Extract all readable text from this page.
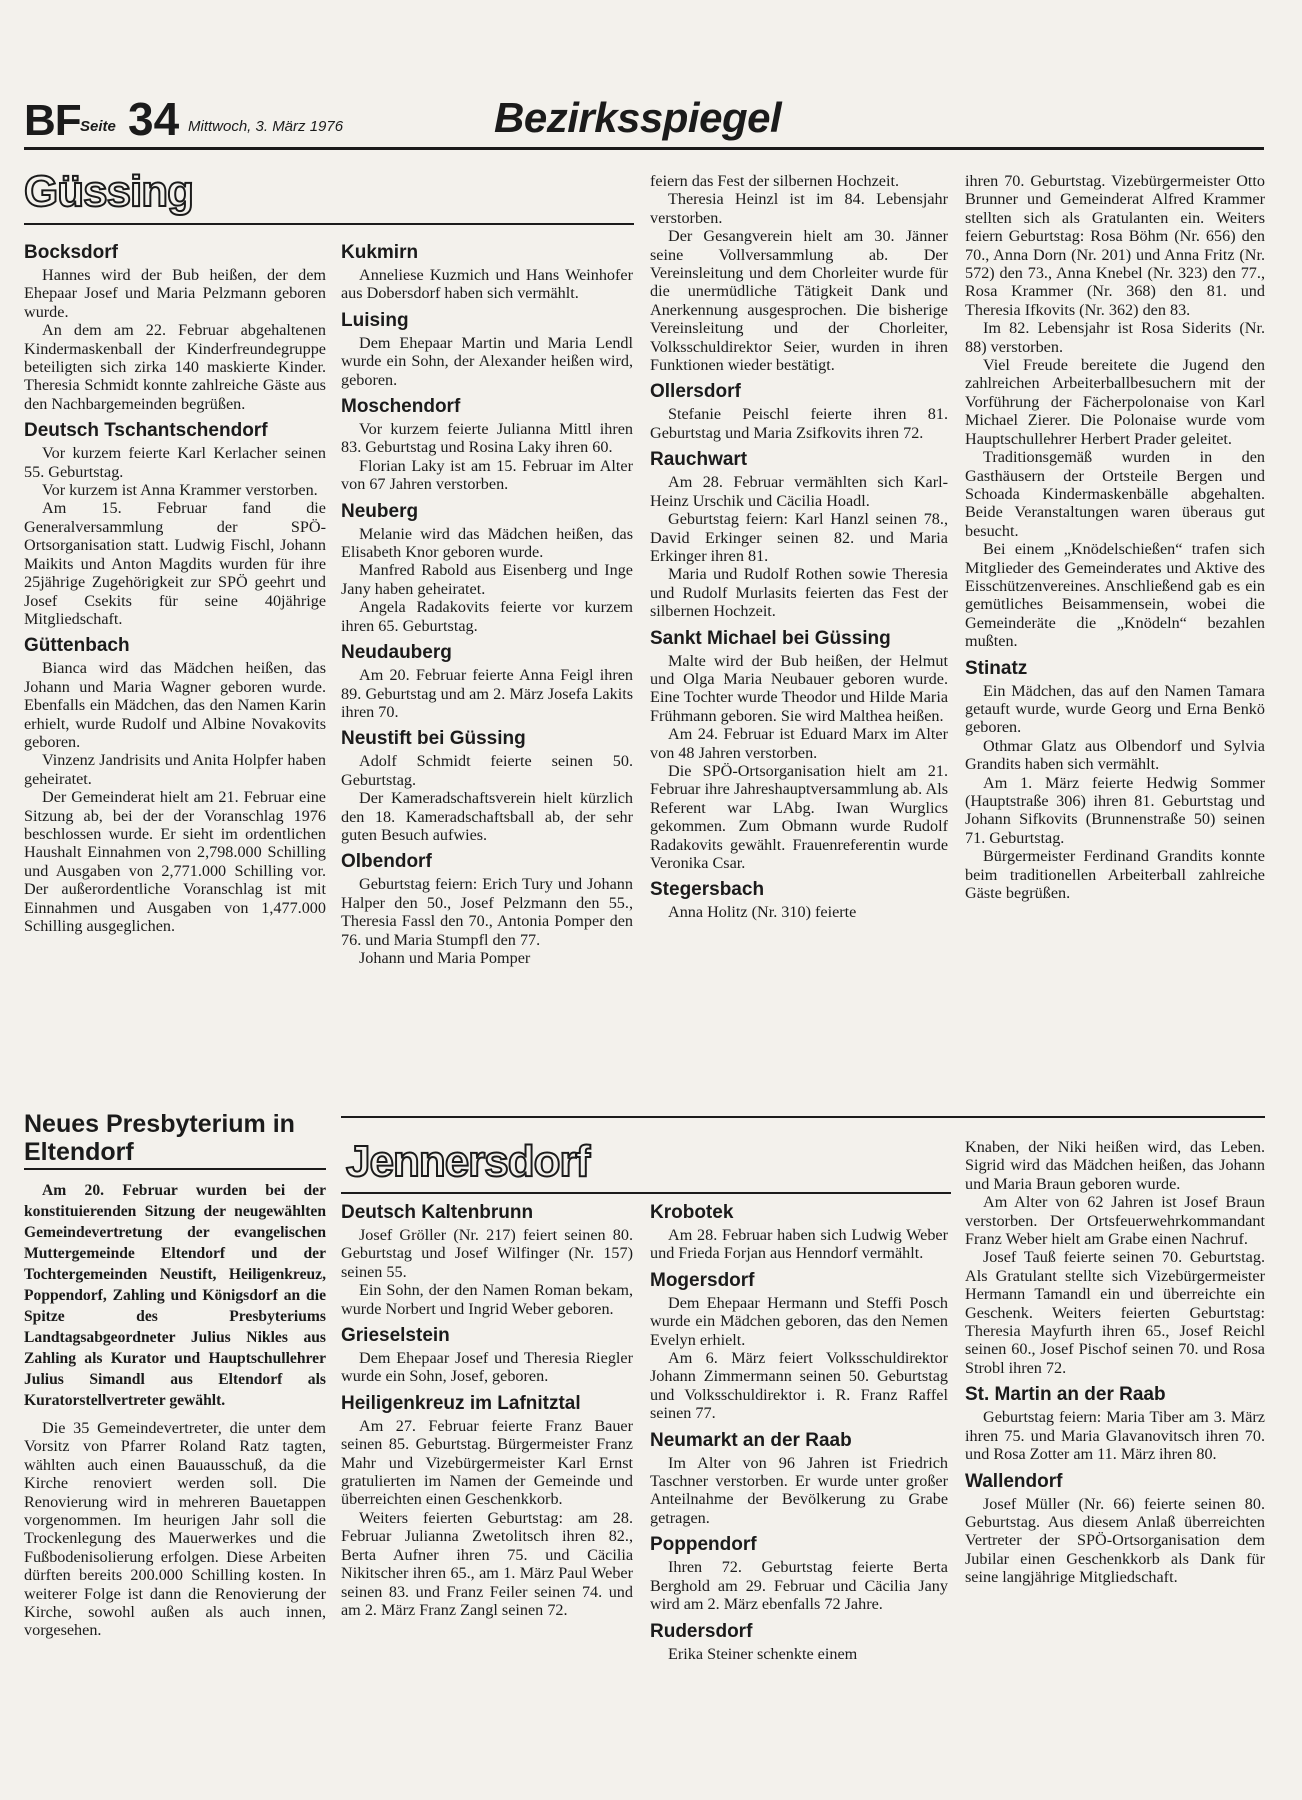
BF Seite 34 Mittwoch, 3. März 1976	Bezirksspiegel
Güssing
Bocksdorf

Hannes wird der Bub heißen, der dem Ehepaar Josef und Maria Pelzmann geboren wurde.

An dem am 22. Februar abgehaltenen Kindermaskenball der Kinderfreundegruppe beteiligten sich zirka 140 maskierte Kinder. Theresia Schmidt konnte zahlreiche Gäste aus den Nachbargemeinden begrüßen.

Deutsch Tschantschendorf

Vor kurzem feierte Karl Kerlacher seinen 55. Geburtstag.

Vor kurzem ist Anna Krammer verstorben.

Am 15. Februar fand die Generalversammlung der SPÖ-Ortsorganisation statt. Ludwig Fischl, Johann Maikits und Anton Magdits wurden für ihre 25jährige Zugehörigkeit zur SPÖ geehrt und Josef Csekits für seine 40jährige Mitgliedschaft.

Güttenbach

Bianca wird das Mädchen heißen, das Johann und Maria Wagner geboren wurde. Ebenfalls ein Mädchen, das den Namen Karin erhielt, wurde Rudolf und Albine Novakovits geboren.

Vinzenz Jandrisits und Anita Holpfer haben geheiratet.

Der Gemeinderat hielt am 21. Februar eine Sitzung ab, bei der der Voranschlag 1976 beschlossen wurde. Er sieht im ordentlichen Haushalt Einnahmen von 2,798.000 Schilling und Ausgaben von 2,771.000 Schilling vor. Der außerordentliche Voranschlag ist mit Einnahmen und Ausgaben von 1,477.000 Schilling ausgeglichen.

Kukmirn

Anneliese Kuzmich und Hans Weinhofer aus Dobersdorf haben sich vermählt.

Luising

Dem Ehepaar Martin und Maria Lendl wurde ein Sohn, der Alexander heißen wird, geboren.

Moschendorf

Vor kurzem feierte Julianna Mittl ihren 83. Geburtstag und Rosina Laky ihren 60.

Florian Laky ist am 15. Februar im Alter von 67 Jahren verstorben.

Neuberg

Melanie wird das Mädchen heißen, das Elisabeth Knor geboren wurde.

Manfred Rabold aus Eisenberg und Inge Jany haben geheiratet.

Angela Radakovits feierte vor kurzem ihren 65. Geburtstag.

Neudauberg

Am 20. Februar feierte Anna Feigl ihren 89. Geburtstag und am 2. März Josefa Lakits ihren 70.

Neustift bei Güssing

Adolf Schmidt feierte seinen 50. Geburtstag.

Der Kameradschaftsverein hielt kürzlich den 18. Kameradschaftsball ab, der sehr guten Besuch aufwies.

Olbendorf

Geburtstag feiern: Erich Tury und Johann Halper den 50., Josef Pelzmann den 55., Theresia Fassl den 70., Antonia Pomper den 76. und Maria Stumpfl den 77.

Johann und Maria Pomper

feiern das Fest der silbernen Hochzeit.

Theresia Heinzl ist im 84. Lebensjahr verstorben.

Der Gesangverein hielt am 30. Jänner seine Vollversammlung ab. Der Vereinsleitung und dem Chorleiter wurde für die unermüdliche Tätigkeit Dank und Anerkennung ausgesprochen. Die bisherige Vereinsleitung und der Chorleiter, Volksschuldirektor Seier, wurden in ihren Funktionen wieder bestätigt.

Ollersdorf

Stefanie Peischl feierte ihren 81. Geburtstag und Maria Zsifkovits ihren 72.

Rauchwart

Am 28. Februar vermählten sich Karl-Heinz Urschik und Cäcilia Hoadl.

Geburtstag feiern: Karl Hanzl seinen 78., David Erkinger seinen 82. und Maria Erkinger ihren 81.

Maria und Rudolf Rothen sowie Theresia und Rudolf Murlasits feierten das Fest der silbernen Hochzeit.

Sankt Michael bei Güssing

Malte wird der Bub heißen, der Helmut und Olga Maria Neubauer geboren wurde. Eine Tochter wurde Theodor und Hilde Maria Frühmann geboren. Sie wird Malthea heißen.

Am 24. Februar ist Eduard Marx im Alter von 48 Jahren verstorben.

Die SPÖ-Ortsorganisation hielt am 21. Februar ihre Jahreshauptversammlung ab. Als Referent war LAbg. Iwan Wurglics gekommen. Zum Obmann wurde Rudolf Radakovits gewählt. Frauenreferentin wurde Veronika Csar.

Stegersbach

Anna Holitz (Nr. 310) feierte

ihren 70. Geburtstag. Vizebürgermeister Otto Brunner und Gemeinderat Alfred Krammer stellten sich als Gratulanten ein. Weiters feiern Geburtstag: Rosa Böhm (Nr. 656) den 70., Anna Dorn (Nr. 201) und Anna Fritz (Nr. 572) den 73., Anna Knebel (Nr. 323) den 77., Rosa Krammer (Nr. 368) den 81. und Theresia Ifkovits (Nr. 362) den 83.

Im 82. Lebensjahr ist Rosa Siderits (Nr. 88) verstorben.

Viel Freude bereitete die Jugend den zahlreichen Arbeiterballbesuchern mit der Vorführung der Fächerpolonaise von Karl Michael Zierer. Die Polonaise wurde vom Hauptschullehrer Herbert Prader geleitet.

Traditionsgemäß wurden in den Gasthäusern der Ortsteile Bergen und Schoada Kindermaskenbälle abgehalten. Beide Veranstaltungen waren überaus gut besucht.

Bei einem „Knödelschießen“ trafen sich Mitglieder des Gemeinderates und Aktive des Eisschützenvereines. Anschließend gab es ein gemütliches Beisammensein, wobei die Gemeinderäte die „Knödeln“ bezahlen mußten.

Stinatz

Ein Mädchen, das auf den Namen Tamara getauft wurde, wurde Georg und Erna Benkö geboren.

Othmar Glatz aus Olbendorf und Sylvia Grandits haben sich vermählt.

Am 1. März feierte Hedwig Sommer (Hauptstraße 306) ihren 81. Geburtstag und Johann Sifkovits (Brunnenstraße 50) seinen 71. Geburtstag.

Bürgermeister Ferdinand Grandits konnte beim traditionellen Arbeiterball zahlreiche Gäste begrüßen.

Neues Presbyterium in Eltendorf

Am 20. Februar wurden bei der konstituierenden Sitzung der neugewählten Gemeindevertretung der evangelischen Muttergemeinde Eltendorf und der Tochtergemeinden Neustift, Heiligenkreuz, Poppendorf, Zahling und Königsdorf an die Spitze des Presbyteriums Landtagsabgeordneter Julius Nikles aus Zahling als Kurator und Hauptschullehrer Julius Simandl aus Eltendorf als Kuratorstellvertreter gewählt.

Die 35 Gemeindevertreter, die unter dem Vorsitz von Pfarrer Roland Ratz tagten, wählten auch einen Bauausschuß, da die Kirche renoviert werden soll. Die Renovierung wird in mehreren Bauetappen vorgenommen. Im heurigen Jahr soll die Trockenlegung des Mauerwerkes und die Fußbodenisolierung erfolgen. Diese Arbeiten dürften bereits 200.000 Schilling kosten. In weiterer Folge ist dann die Renovierung der Kirche, sowohl außen als auch innen, vorgesehen.

Jennersdorf
Deutsch Kaltenbrunn

Josef Gröller (Nr. 217) feiert seinen 80. Geburtstag und Josef Wilfinger (Nr. 157) seinen 55.

Ein Sohn, der den Namen Roman bekam, wurde Norbert und Ingrid Weber geboren.

Grieselstein

Dem Ehepaar Josef und Theresia Riegler wurde ein Sohn, Josef, geboren.

Heiligenkreuz im Lafnitztal

Am 27. Februar feierte Franz Bauer seinen 85. Geburtstag. Bürgermeister Franz Mahr und Vizebürgermeister Karl Ernst gratulierten im Namen der Gemeinde und überreichten einen Geschenkkorb.

Weiters feierten Geburtstag: am 28. Februar Julianna Zwetolitsch ihren 82., Berta Aufner ihren 75. und Cäcilia Nikitscher ihren 65., am 1. März Paul Weber seinen 83. und Franz Feiler seinen 74. und am 2. März Franz Zangl seinen 72.

Krobotek

Am 28. Februar haben sich Ludwig Weber und Frieda Forjan aus Henndorf vermählt.

Mogersdorf

Dem Ehepaar Hermann und Steffi Posch wurde ein Mädchen geboren, das den Nemen Evelyn erhielt.

Am 6. März feiert Volksschuldirektor Johann Zimmermann seinen 50. Geburtstag und Volksschuldirektor i. R. Franz Raffel seinen 77.

Neumarkt an der Raab

Im Alter von 96 Jahren ist Friedrich Taschner verstorben. Er wurde unter großer Anteilnahme der Bevölkerung zu Grabe getragen.

Poppendorf

Ihren 72. Geburtstag feierte Berta Berghold am 29. Februar und Cäcilia Jany wird am 2. März ebenfalls 72 Jahre.

Rudersdorf

Erika Steiner schenkte einem

Knaben, der Niki heißen wird, das Leben. Sigrid wird das Mädchen heißen, das Johann und Maria Braun geboren wurde.

Am Alter von 62 Jahren ist Josef Braun verstorben. Der Ortsfeuerwehrkommandant Franz Weber hielt am Grabe einen Nachruf.

Josef Tauß feierte seinen 70. Geburtstag. Als Gratulant stellte sich Vizebürgermeister Hermann Tamandl ein und überreichte ein Geschenk. Weiters feierten Geburtstag: Theresia Mayfurth ihren 65., Josef Reichl seinen 60., Josef Pischof seinen 70. und Rosa Strobl ihren 72.

St. Martin an der Raab

Geburtstag feiern: Maria Tiber am 3. März ihren 75. und Maria Glavanovitsch ihren 70. und Rosa Zotter am 11. März ihren 80.

Wallendorf

Josef Müller (Nr. 66) feierte seinen 80. Geburtstag. Aus diesem Anlaß überreichten Vertreter der SPÖ-Ortsorganisation dem Jubilar einen Geschenkkorb als Dank für seine langjährige Mitgliedschaft.
